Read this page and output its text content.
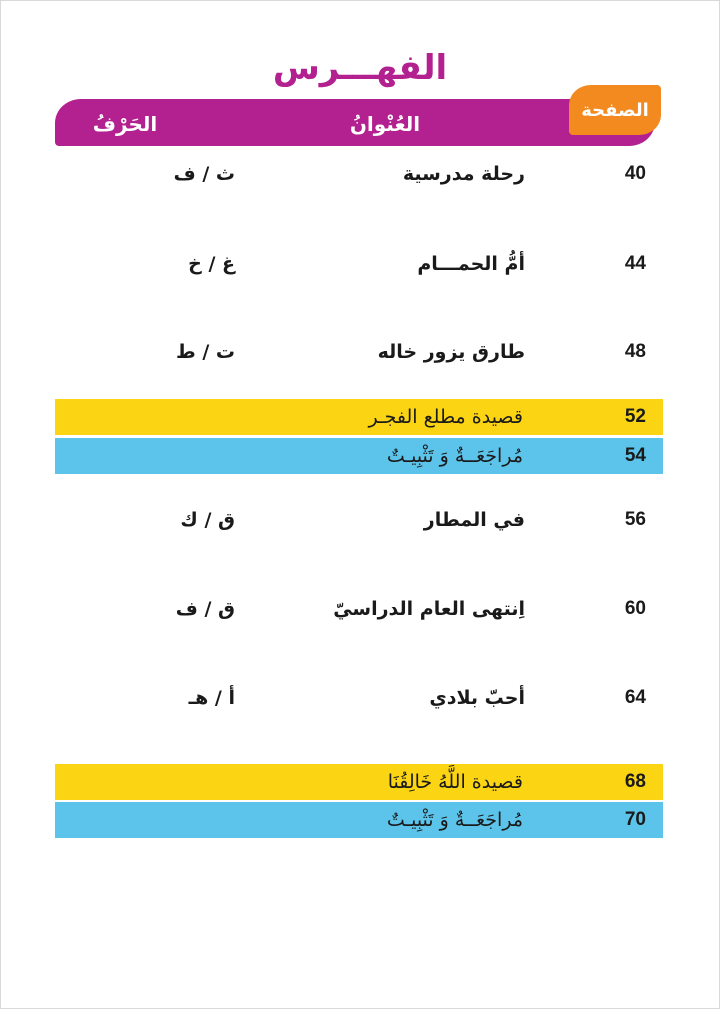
الفهـــرس
العُنْوانُ
الحَرْفُ
الصفحة
40
رحلة مدرسية
ث / ف
44
أمُّ الحمـــام
غ / خ
48
طارق يزور خاله
ت / ط
52
قصيدة مطلع الفجـر
54
مُراجَعَــةٌ وَ تَثْبِيـتٌ
56
في المطار
ق / ك
60
اِنتهى العام الدراسيّ
ق / ف
64
أحبّ بلادي
أ / هـ
68
قصيدة اللَّهُ خَالِقُنَا
70
مُراجَعَــةٌ وَ تَثْبِيـتٌ
